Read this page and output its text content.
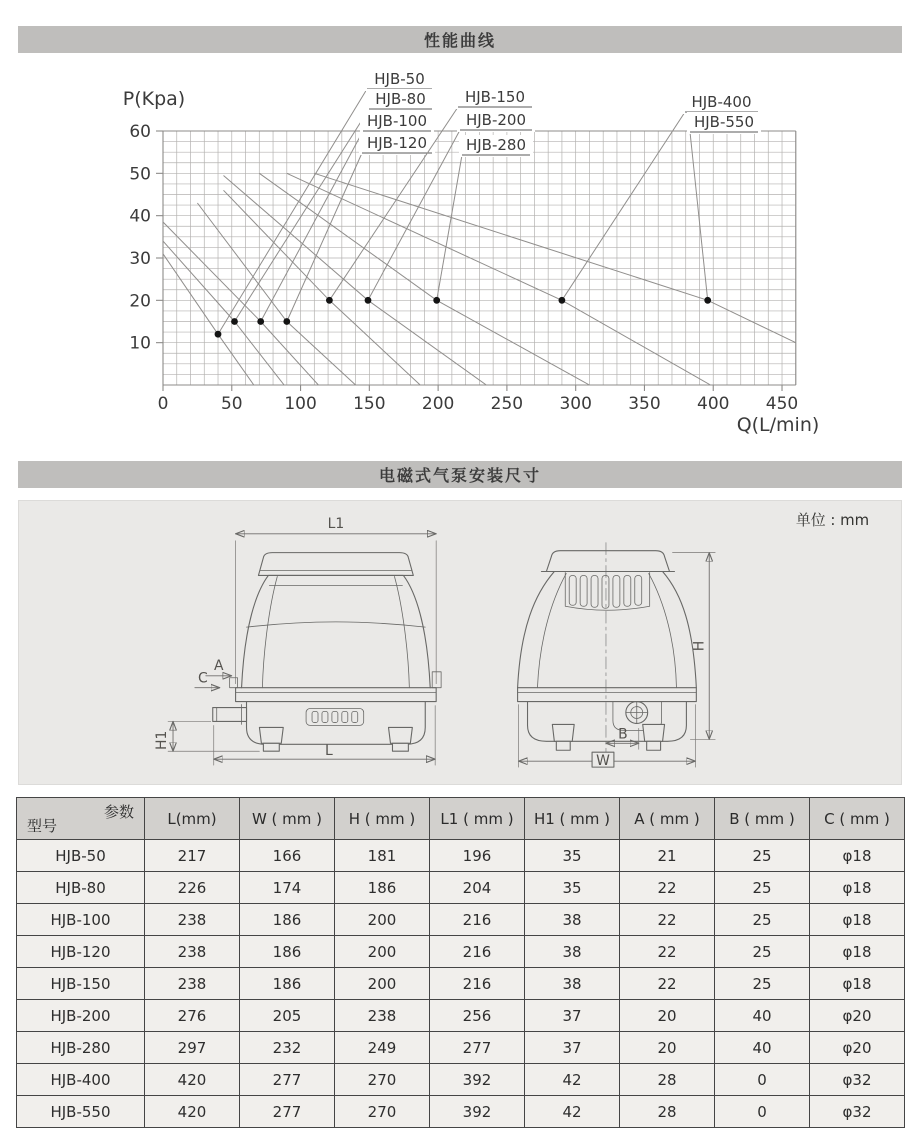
性能曲线
0	50 100 150 200 250 300 350 400 450
10
20
30
40
50
60
P(Kpa)
Q(L/min)
HJB-50
HJB-80
HJB-100
HJB-120
HJB-150
HJB-200
HJB-280
HJB-400
HJB-550
电磁式气泵安装尺寸
单位 : mm
L1
A
C
H1
L
H
B
W
参数
型号	L(mm)	W ( mm )	H ( mm )	L1 ( mm )	H1 ( mm )	A ( mm )	B ( mm )	C ( mm )
HJB-50	217	166	181	196	35	21	25	φ18
HJB-80	226	174	186	204	35	22	25	φ18
HJB-100	238	186	200	216	38	22	25	φ18
HJB-120	238	186	200	216	38	22	25	φ18
HJB-150	238	186	200	216	38	22	25	φ18
HJB-200	276	205	238	256	37	20	40	φ20
HJB-280	297	232	249	277	37	20	40	φ20
HJB-400	420	277	270	392	42	28	0	φ32
HJB-550	420	277	270	392	42	28	0	φ32
